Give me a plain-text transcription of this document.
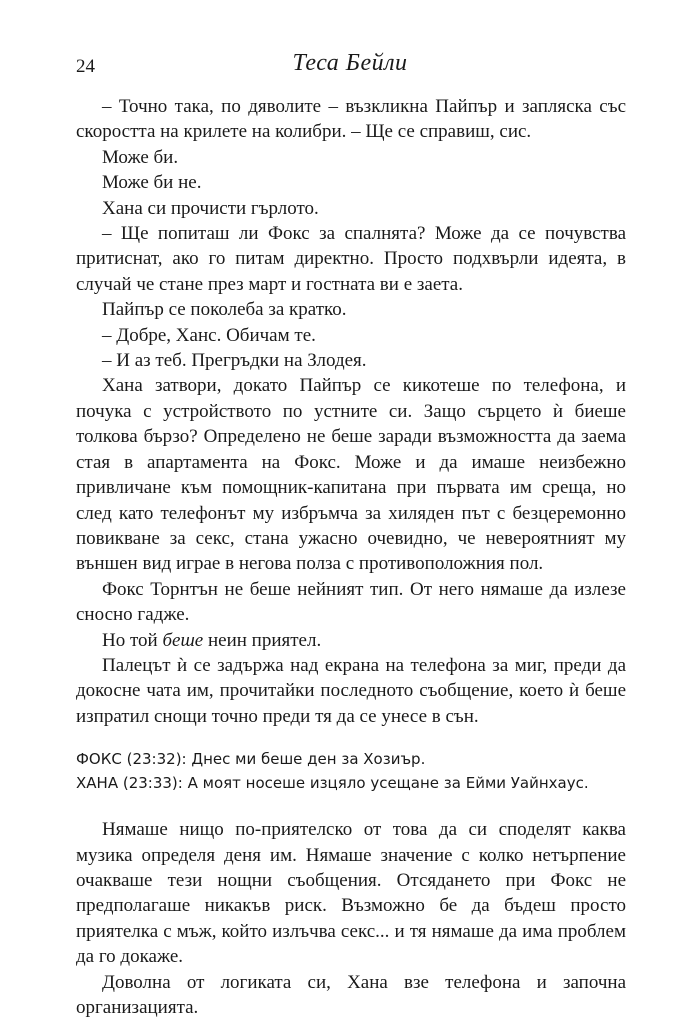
24	Теса Бейли

– Точно така, по дяволите – възкликна Пайпър и запляска със скоростта на крилете на колибри. – Ще се справиш, сис.

Може би.

Може би не.

Хана си прочисти гърлото.

– Ще попиташ ли Фокс за спалнята? Може да се почувства притиснат, ако го питам директно. Просто подхвърли идеята, в случай че стане през март и гостната ви е заета.

Пайпър се поколеба за кратко.

– Добре, Ханс. Обичам те.

– И аз теб. Прегръдки на Злодея.

Хана затвори, докато Пайпър се кикотеше по телефона, и почука с устройството по устните си. Защо сърцето ѝ биеше толкова бързо? Определено не беше заради възможността да заема стая в апартамента на Фокс. Може и да имаше неизбежно привличане към помощник-капитана при първата им среща, но след като телефонът му избръмча за хиляден път с безцеремонно повикване за секс, стана ужасно очевидно, че невероятният му външен вид играе в негова полза с противоположния пол.

Фокс Торнтън не беше нейният тип. От него нямаше да излезе сносно гадже.

Но той беше неин приятел.

Палецът ѝ се задържа над екрана на телефона за миг, преди да докосне чата им, прочитайки последното съобщение, което ѝ беше изпратил снощи точно преди тя да се унесе в сън.

ФОКС (23:32): Днес ми беше ден за Хозиър.

ХАНА (23:33): А моят носеше изцяло усещане за Ейми Уайнхаус.

Нямаше нищо по-приятелско от това да си споделят каква музика определя деня им. Нямаше значение с колко нетърпение очакваше тези нощни съобщения. Отсядането при Фокс не предполагаше никакъв риск. Възможно бе да бъдеш просто приятелка с мъж, който излъчва секс... и тя нямаше да има проблем да го докаже.

Доволна от логиката си, Хана взе телефона и започна организацията.
